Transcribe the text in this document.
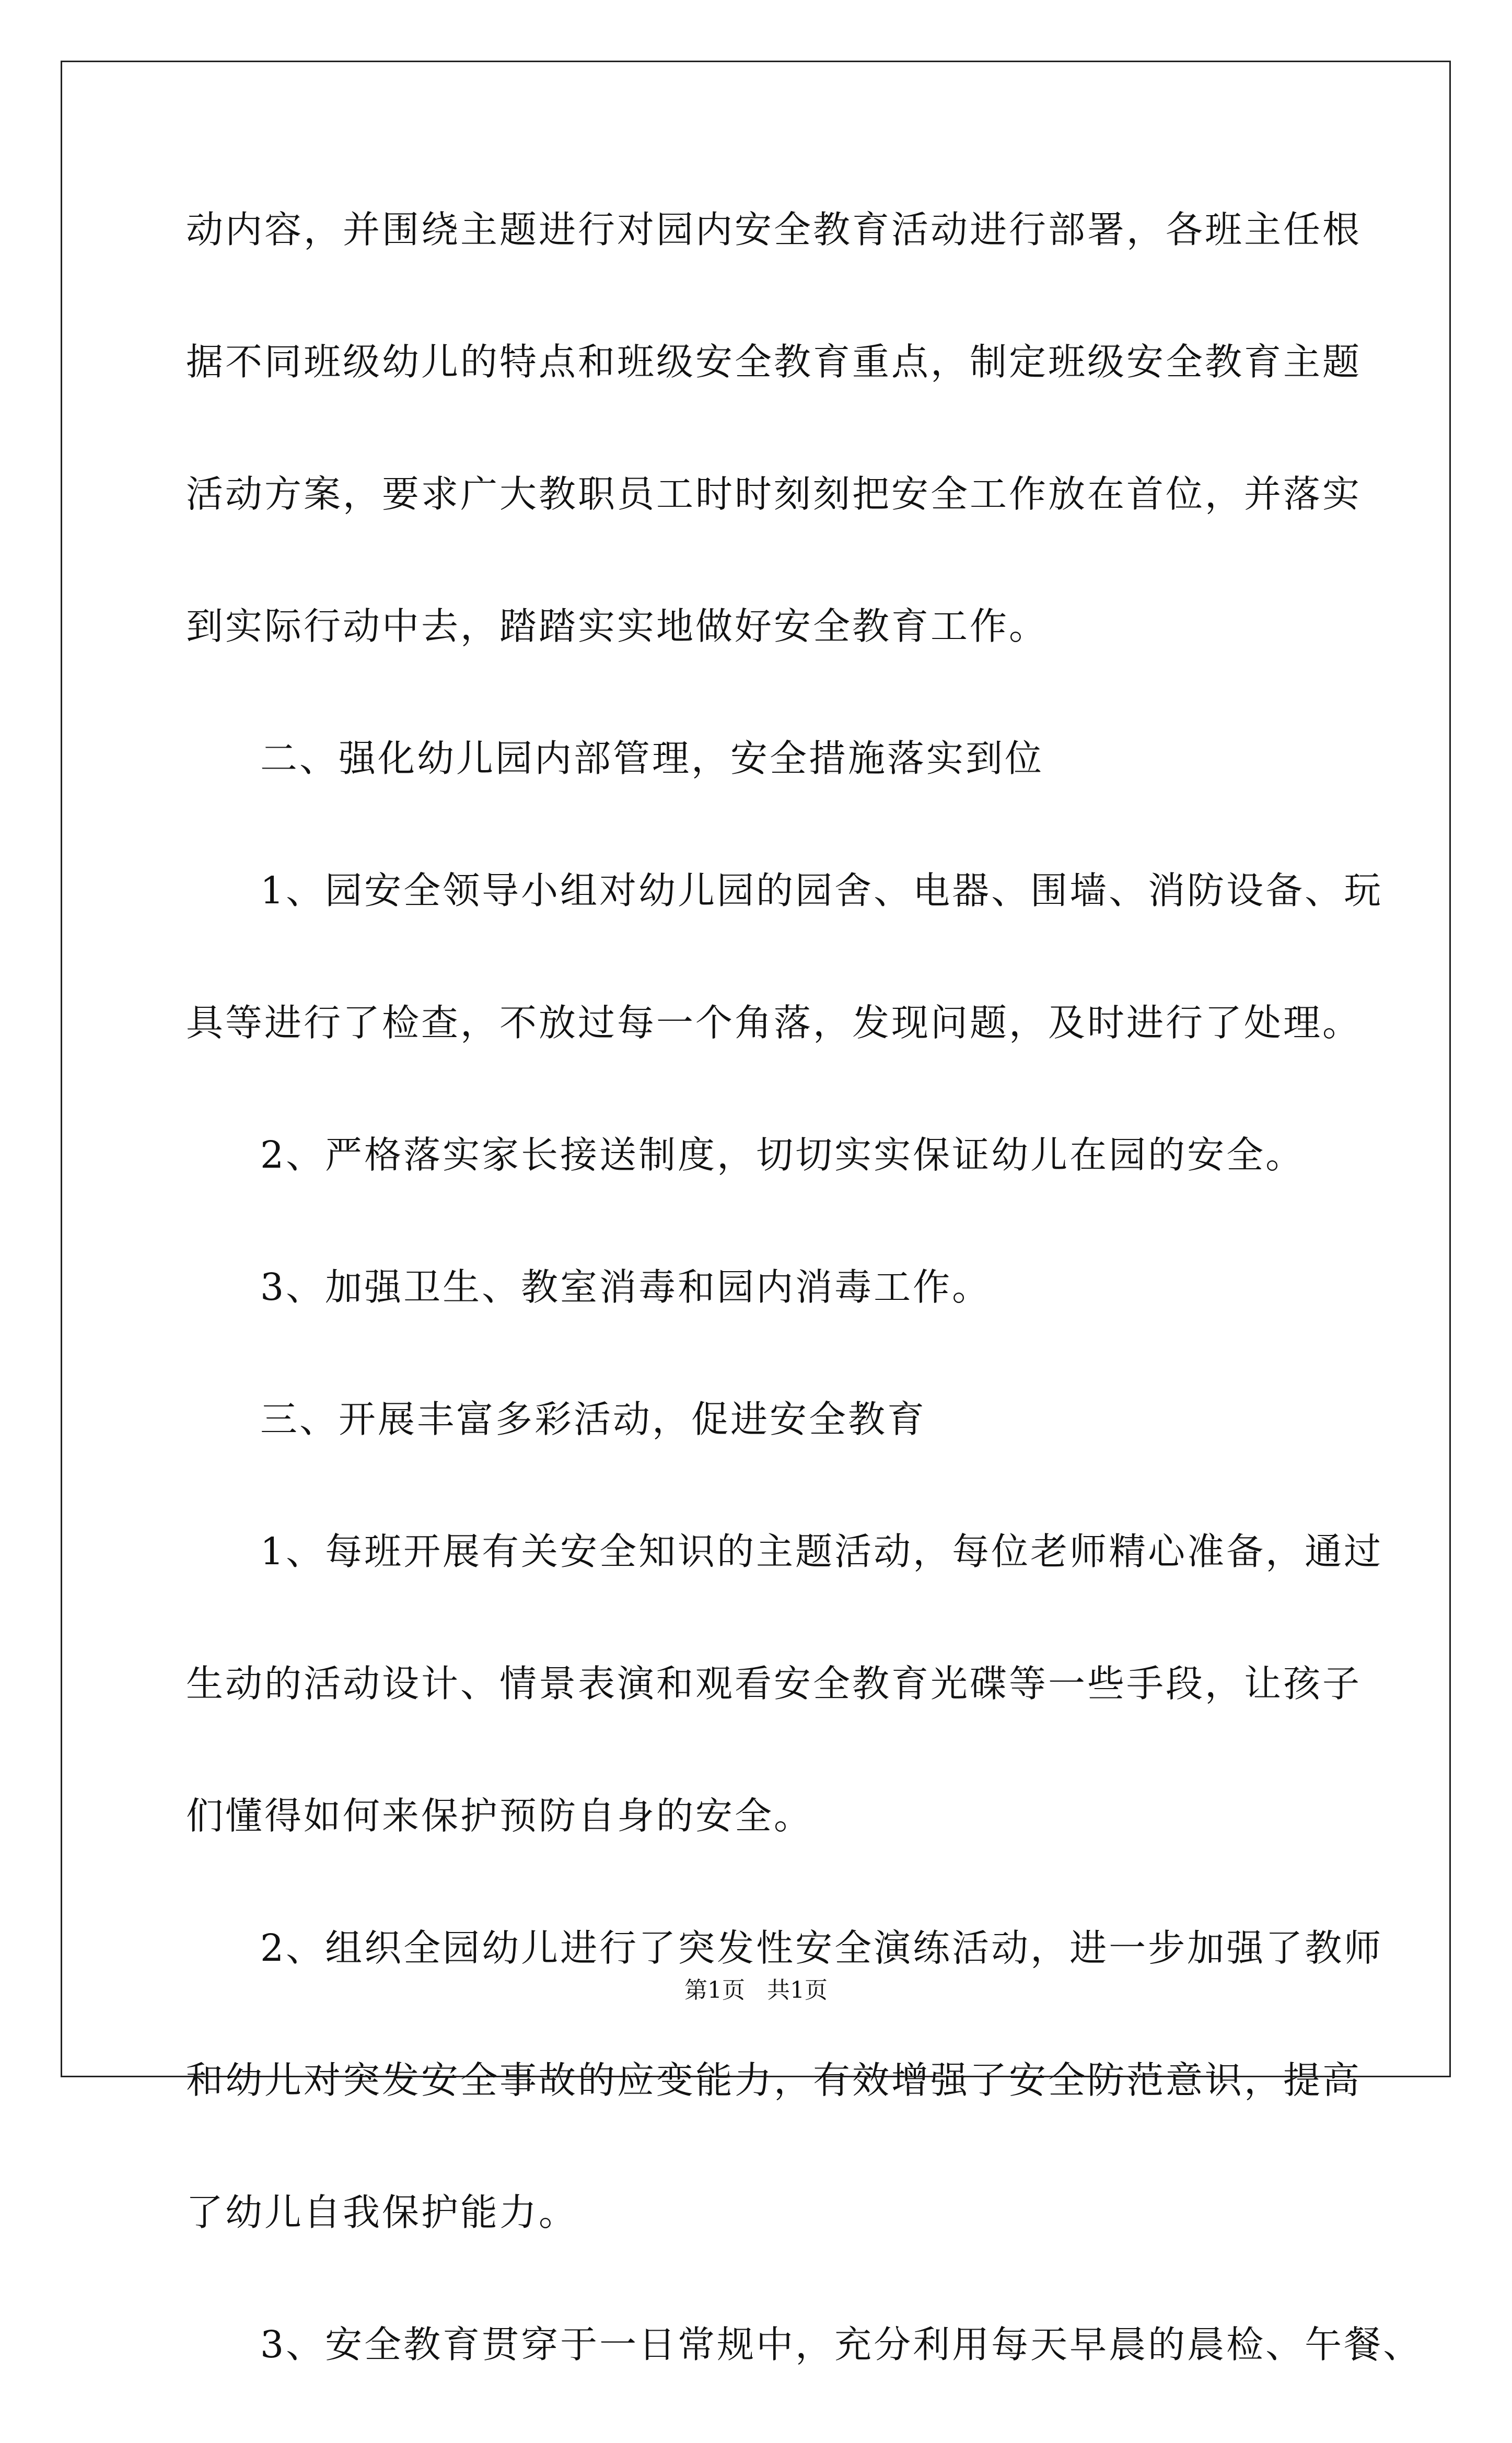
动内容，并围绕主题进行对园内安全教育活动进行部署，各班主任根
据不同班级幼儿的特点和班级安全教育重点，制定班级安全教育主题
活动方案，要求广大教职员工时时刻刻把安全工作放在首位，并落实
到实际行动中去，踏踏实实地做好安全教育工作。
二、强化幼儿园内部管理，安全措施落实到位
1、园安全领导小组对幼儿园的园舍、电器、围墙、消防设备、玩
具等进行了检查，不放过每一个角落，发现问题，及时进行了处理。
2、严格落实家长接送制度，切切实实保证幼儿在园的安全。
3、加强卫生、教室消毒和园内消毒工作。
三、开展丰富多彩活动，促进安全教育
1、每班开展有关安全知识的主题活动，每位老师精心准备，通过
生动的活动设计、情景表演和观看安全教育光碟等一些手段，让孩子
们懂得如何来保护预防自身的安全。
2、组织全园幼儿进行了突发性安全演练活动，进一步加强了教师
和幼儿对突发安全事故的应变能力，有效增强了安全防范意识，提高
了幼儿自我保护能力。
3、安全教育贯穿于一日常规中，充分利用每天早晨的晨检、午餐、
第1页   共1页
